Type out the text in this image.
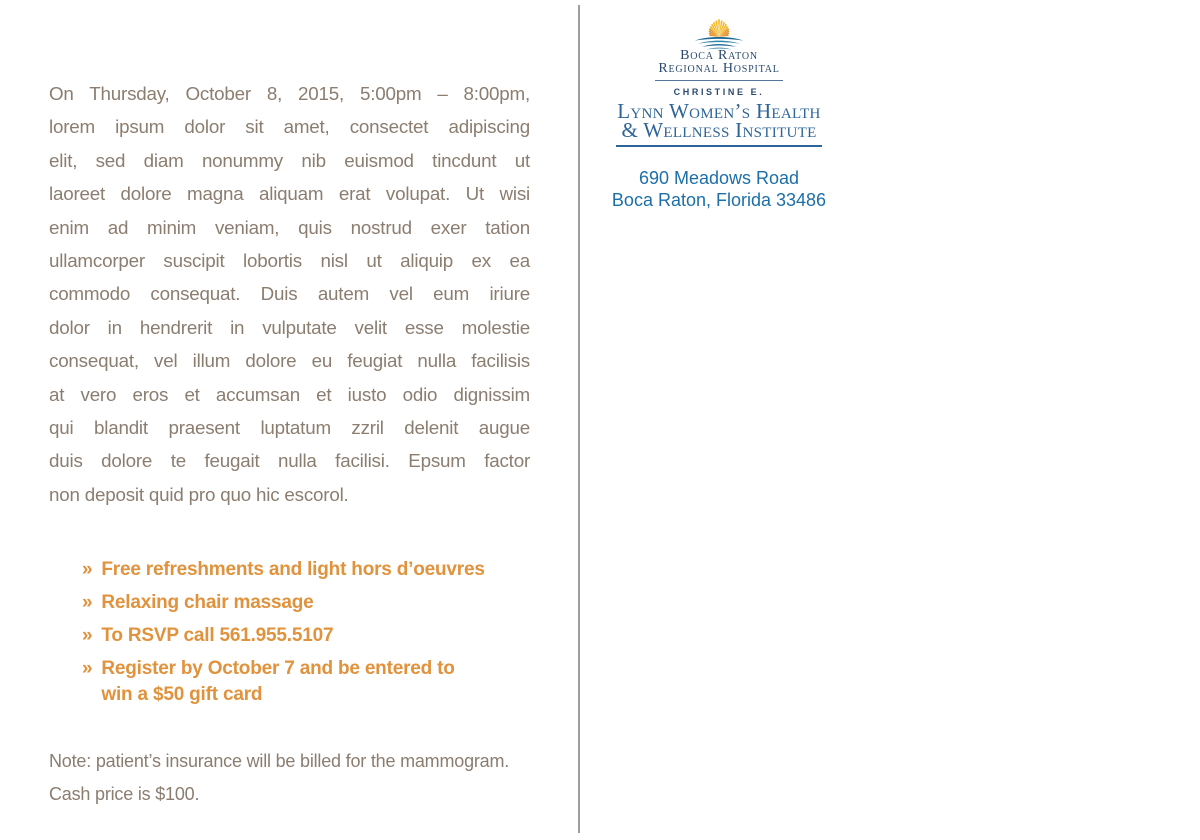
On Thursday, October 8, 2015, 5:00pm – 8:00pm,
lorem ipsum dolor sit amet, consectet adipiscing
elit, sed diam nonummy nib euismod tincdunt ut
laoreet dolore magna aliquam erat volupat. Ut wisi
enim ad minim veniam, quis nostrud exer tation
ullamcorper suscipit lobortis nisl ut aliquip ex ea
commodo consequat. Duis autem vel eum iriure
dolor in hendrerit in vulputate velit esse molestie
consequat, vel illum dolore eu feugiat nulla facilisis
at vero eros et accumsan et iusto odio dignissim
qui blandit praesent luptatum zzril delenit augue
duis dolore te feugait nulla facilisi. Epsum factor
non deposit quid pro quo hic escorol.
» Free refreshments and light hors d’oeuvres
» Relaxing chair massage
» To RSVP call 561.955.5107
» Register by October 7 and be entered to
win a $50 gift card
Note: patient’s insurance will be billed for the mammogram.
Cash price is $100.
Boca Raton
Regional Hospital
CHRISTINE E.
Lynn Women’s Health
& Wellness Institute
690 Meadows Road
Boca Raton, Florida 33486
